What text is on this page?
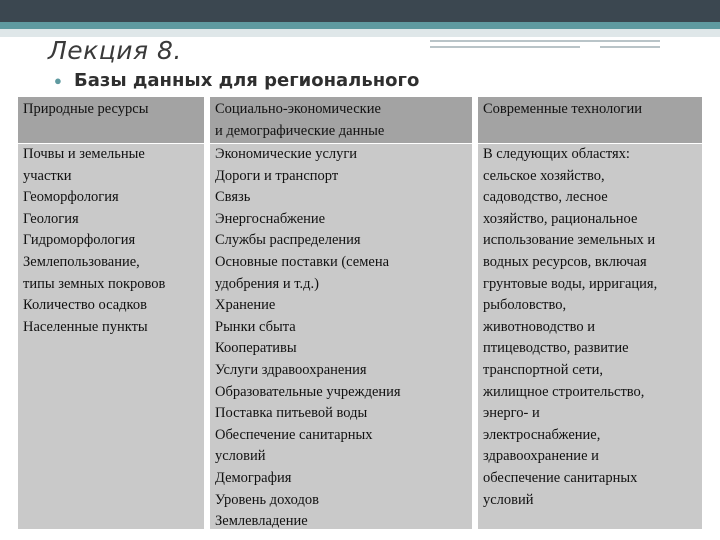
Лекция 8.
● Базы данных для регионального
Природные ресурсы
Почвы и земельные
участки
Геоморфология
Геология
Гидроморфология
Землепользование,
типы земных покровов
Количество осадков
Населенные пункты
Социально-экономические
и демографические данные
Экономические услуги
Дороги и транспорт
Связь
Энергоснабжение
Службы распределения
Основные поставки (семена
удобрения и т.д.)
Хранение
Рынки сбыта
Кооперативы
Услуги здравоохранения
Образовательные учреждения
Поставка питьевой воды
Обеспечение санитарных
условий
Демография
Уровень доходов
Землевладение
Современные технологии
В следующих областях:
сельское хозяйство,
садоводство, лесное
хозяйство, рациональное
использование земельных и
водных ресурсов, включая
грунтовые воды, ирригация,
рыболовство,
животноводство и
птицеводство, развитие
транспортной сети,
жилищное строительство,
энерго- и
электроснабжение,
здравоохранение и
обеспечение санитарных
условий
